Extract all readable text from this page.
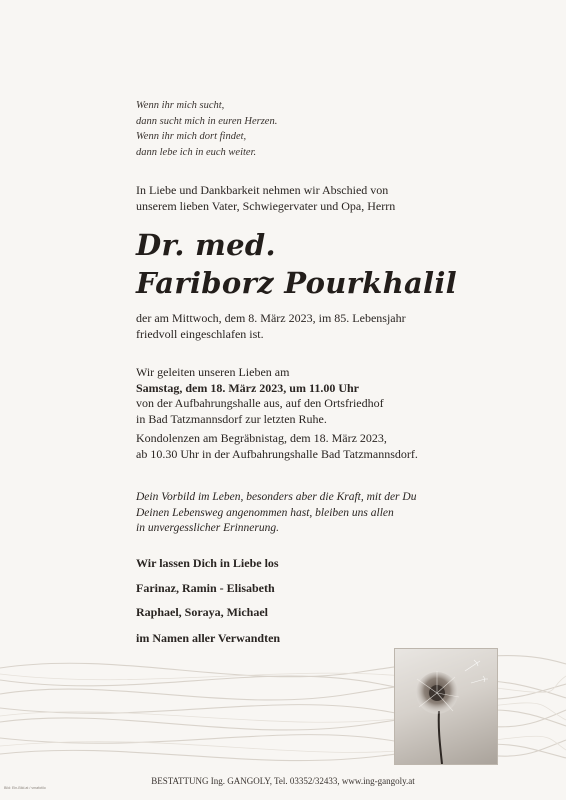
Wenn ihr mich sucht,
dann sucht mich in euren Herzen.
Wenn ihr mich dort findet,
dann lebe ich in euch weiter.
In Liebe und Dankbarkeit nehmen wir Abschied von
unserem lieben Vater, Schwiegervater und Opa, Herrn
Dr. med.
Fariborz Pourkhalil
der am Mittwoch, dem 8. März 2023, im 85. Lebensjahr
friedvoll eingeschlafen ist.
Wir geleiten unseren Lieben am
Samstag, dem 18. März 2023, um 11.00 Uhr
von der Aufbahrungshalle aus, auf den Ortsfriedhof
in Bad Tatzmannsdorf zur letzten Ruhe.
Kondolenzen am Begräbnistag, dem 18. März 2023,
ab 10.30 Uhr in der Aufbahrungshalle Bad Tatzmannsdorf.
Dein Vorbild im Leben, besonders aber die Kraft, mit der Du
Deinen Lebensweg angenommen hast, bleiben uns allen
in unvergesslicher Erinnerung.
Wir lassen Dich in Liebe los
Farinaz, Ramin - Elisabeth
Raphael, Soraya, Michael
im Namen aller Verwandten
BESTATTUNG Ing. GANGOLY, Tel. 03352/32433, www.ing-gangoly.at
Bild: Ein-Bild.at / vmafotilo
